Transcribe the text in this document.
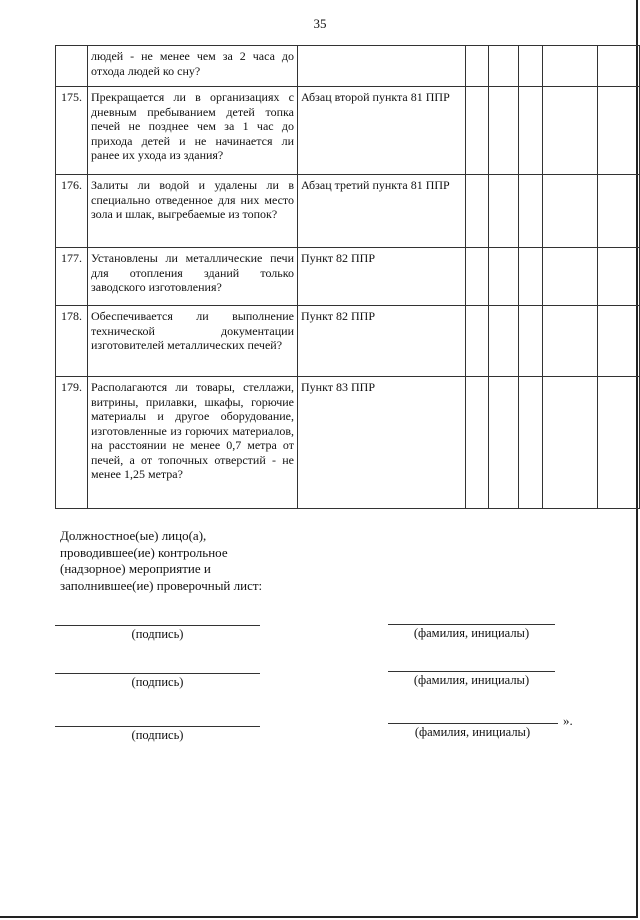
35
	людей - не менее чем за 2 часа до отхода людей ко сну?						
175.	Прекращается ли в организациях с дневным пребыванием детей топка печей не позднее чем за 1 час до прихода детей и не начинается ли ранее их ухода из здания?	Абзац второй пункта 81 ППР					
176.	Залиты ли водой и удалены ли в специально отведенное для них место зола и шлак, выгребаемые из топок?	Абзац третий пункта 81 ППР					
177.	Установлены ли металлические печи для отопления зданий только заводского изготовления?	Пункт 82 ППР					
178.	Обеспечивается ли выполнение технической документации изготовителей металлических печей?	Пункт 82 ППР					
179.	Располагаются ли товары, стеллажи, витрины, прилавки, шкафы, горючие материалы и другое оборудование, изготовленные из горючих материалов, на расстоянии не менее 0,7 метра от печей, а от топочных отверстий - не менее 1,25 метра?	Пункт 83 ППР					
Должностное(ые) лицо(а),
проводившее(ие) контрольное
(надзорное) мероприятие и
заполнившее(ие) проверочный лист:
(подпись)	(фамилия, инициалы)
(подпись)	(фамилия, инициалы)
(подпись)	(фамилия, инициалы)
».
